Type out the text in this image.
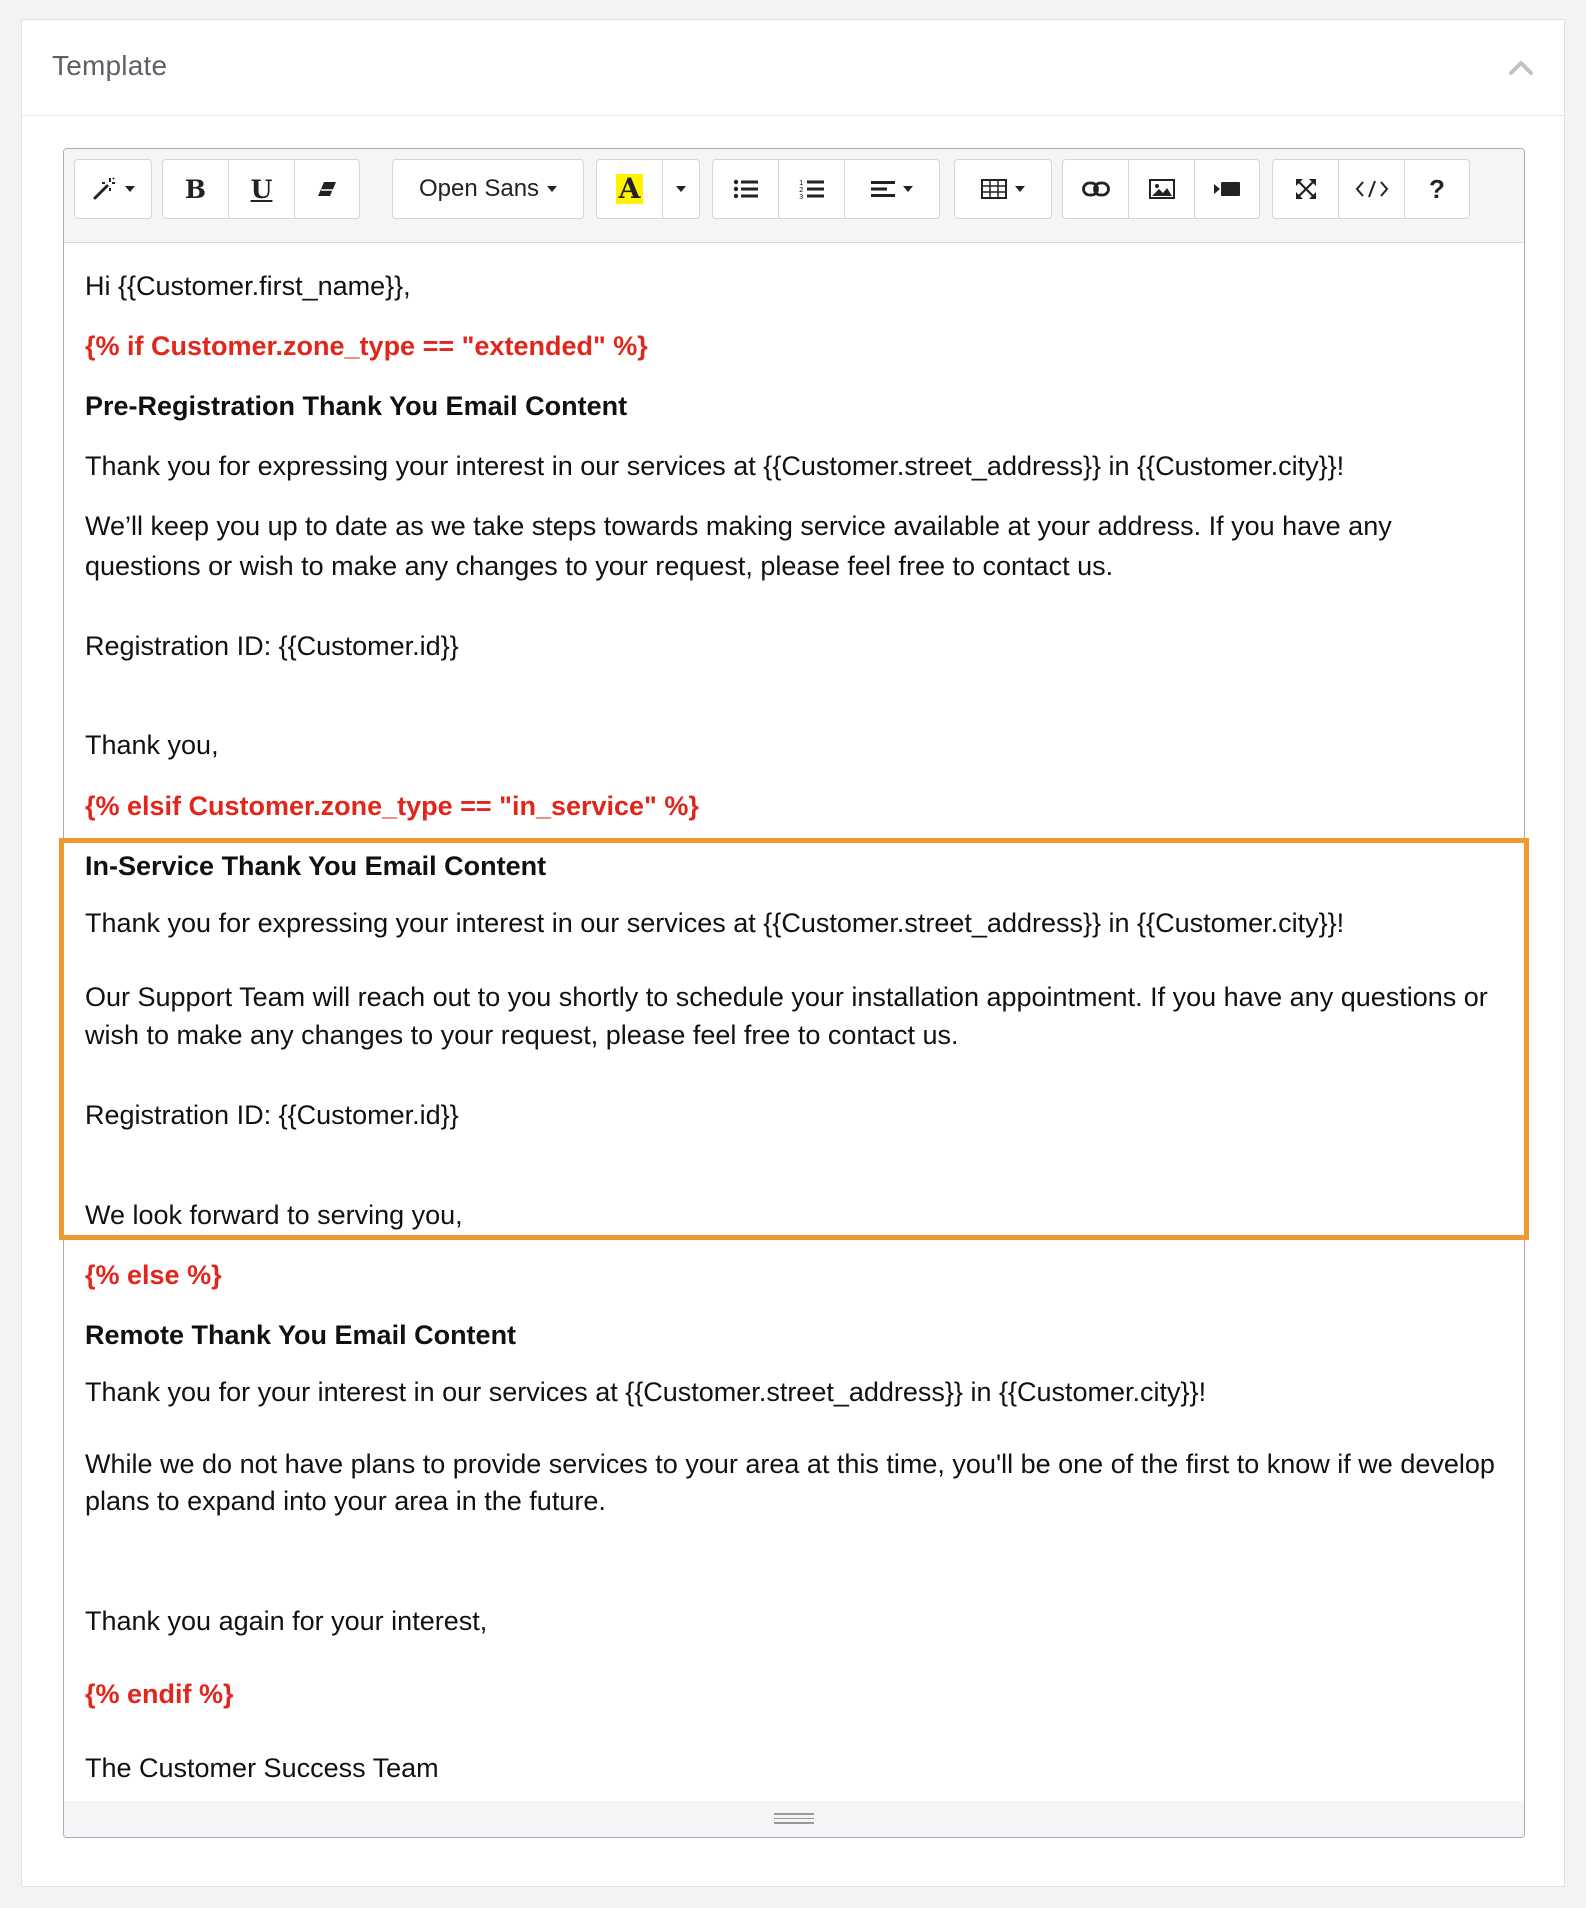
Template
B	U	Open Sans	A	1
2
3	?
Hi {{Customer.first_name}},
{% if Customer.zone_type == "extended" %}
Pre-Registration Thank You Email Content
Thank you for expressing your interest in our services at {{Customer.street_address}} in {{Customer.city}}!
We’ll keep you up to date as we take steps towards making service available at your address. If you have any questions or wish to make any changes to your request, please feel free to contact us.
Registration ID: {{Customer.id}}
Thank you,
{% elsif Customer.zone_type == "in_service" %}
In-Service Thank You Email Content
Thank you for expressing your interest in our services at {{Customer.street_address}} in {{Customer.city}}!
Our Support Team will reach out to you shortly to schedule your installation appointment. If you have any questions or wish to make any changes to your request, please feel free to contact us.
Registration ID: {{Customer.id}}
We look forward to serving you,
{% else %}
Remote Thank You Email Content
Thank you for your interest in our services at {{Customer.street_address}} in {{Customer.city}}!
While we do not have plans to provide services to your area at this time, you'll be one of the first to know if we develop plans to expand into your area in the future.
Thank you again for your interest,
{% endif %}
The Customer Success Team
